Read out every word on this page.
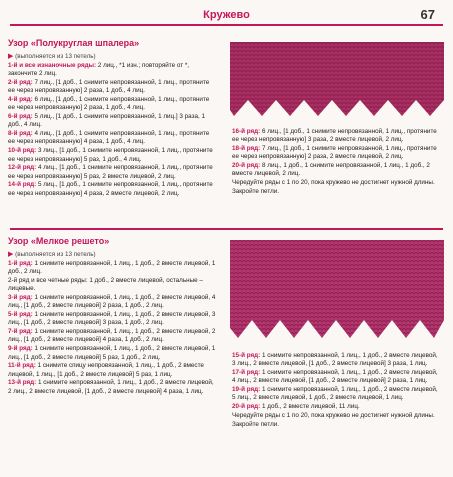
Кружево	67
Узор «Полукруглая шпалера»

▶ (выполняется из 13 петель)

1-й и все изнаночные ряды: 2 лиц., *1 изн.; повторяйте от *, закончите 2 лиц.

2-й ряд: 7 лиц., [1 доб., 1 снимите непровязанной, 1 лиц., протяните ее через непровязанную] 2 раза, 1 доб., 4 лиц.

4-й ряд: 6 лиц., [1 доб., 1 снимите непровязанной, 1 лиц., протяните ее через непровязанную] 2 раза, 1 доб., 4 лиц.

6-й ряд: 5 лиц., [1 доб., 1 снимите непровязанной, 1 лиц.] 3 раза, 1 доб., 4 лиц.

8-й ряд: 4 лиц., [1 доб., 1 снимите непровязанной, 1 лиц., протяните ее через непровязанную] 4 раза, 1 доб., 4 лиц.

10-й ряд: 3 лиц., [1 доб., 1 снимите непровязанной, 1 лиц., протяните ее через непровязанную] 5 раз, 1 доб., 4 лиц.

12-й ряд: 4 лиц., [1 доб., 1 снимите непровязанной, 1 лиц., протяните ее через непровязанную] 5 раз, 2 вместе лицевой, 2 лиц.

14-й ряд: 5 лиц., [1 доб., 1 снимите непровязанной, 1 лиц., протяните ее через непровязанную] 4 раза, 2 вместе лицевой, 2 лиц.

16-й ряд: 6 лиц., [1 доб., 1 снимите непровязанной, 1 лиц., протяните ее через непровязанную] 3 раза, 2 вместе лицевой, 2 лиц.

18-й ряд: 7 лиц., [1 доб., 1 снимите непровязанной, 1 лиц., протяните ее через непровязанную] 2 раза, 2 вместе лицевой, 2 лиц.

20-й ряд: 8 лиц., 1 доб., 1 снимите непровязанной, 1 лиц., 1 доб., 2 вместе лицевой, 2 лиц.

Чередуйте ряды с 1 по 20, пока кружево не достигнет нужной длины.

Закройте петли.

Узор «Мелкое решето»

▶ (выполняется из 13 петель)

1-й ряд: 1 снимите непровязанной, 1 лиц., 1 доб., 2 вместе лицевой, 1 доб., 2 лиц.

2-й ряд и все четные ряды: 1 доб., 2 вместе лицевой, остальные – лицевые.

3-й ряд: 1 снимите непровязанной, 1 лиц., 1 доб., 2 вместе лицевой, 4 лиц., [1 доб., 2 вместе лицевой] 2 раза, 1 доб., 2 лиц.

5-й ряд: 1 снимите непровязанной, 1 лиц., 1 доб., 2 вместе лицевой, 3 лиц., [1 доб., 2 вместе лицевой] 3 раза, 1 доб., 2 лиц.

7-й ряд: 1 снимите непровязанной, 1 лиц., 1 доб., 2 вместе лицевой, 2 лиц., [1 доб., 2 вместе лицевой] 4 раза, 1 доб., 2 лиц.

9-й ряд: 1 снимите непровязанной, 1 лиц., 1 доб., 2 вместе лицевой, 1 лиц., [1 доб., 2 вместе лицевой] 5 раз, 1 доб., 2 лиц.

11-й ряд: 1 снимите спицу непровязанной, 1 лиц., 1 доб., 2 вместе лицевой, 1 лиц., [1 доб., 2 вместе лицевой] 5 раз, 1 лиц.

13-й ряд: 1 снимите непровязанной, 1 лиц., 1 доб., 2 вместе лицевой, 2 лиц., 2 вместе лицевой, [1 доб., 2 вместе лицевой] 4 раза, 1 лиц.

15-й ряд: 1 снимите непровязанной, 1 лиц., 1 доб., 2 вместе лицевой, 3 лиц., 2 вместе лицевой, [1 доб., 2 вместе лицевой] 3 раза, 1 лиц.

17-й ряд: 1 снимите непровязанной, 1 лиц., 1 доб., 2 вместе лицевой, 4 лиц., 2 вместе лицевой, [1 доб., 2 вместе лицевой] 2 раза, 1 лиц.

19-й ряд: 1 снимите непровязанной, 1 лиц., 1 доб., 2 вместе лицевой, 5 лиц., 2 вместе лицевой, 1 доб., 2 вместе лицевой, 1 лиц.

20-й ряд: 1 доб., 2 вместе лицевой, 11 лиц.

Чередуйте ряды с 1 по 20, пока кружево не достигнет нужной длины.

Закройте петли.
